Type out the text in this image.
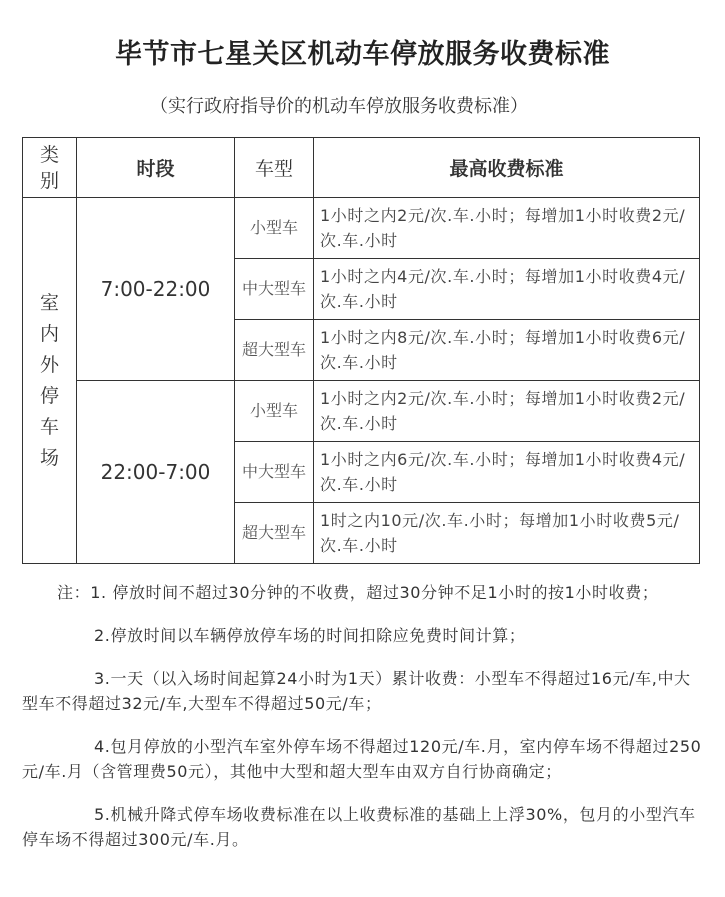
毕节市七星关区机动车停放服务收费标准
（实行政府指导价的机动车停放服务收费标准）
类别	时段	车型	最高收费标准
室内外停车场	7:00-22:00	小型车	1小时之内2元/次.车.小时；每增加1小时收费2元/次.车.小时
		中大型车	1小时之内4元/次.车.小时；每增加1小时收费4元/次.车.小时
		超大型车	1小时之内8元/次.车.小时；每增加1小时收费6元/次.车.小时
	22:00-7:00	小型车	1小时之内2元/次.车.小时；每增加1小时收费2元/次.车.小时
		中大型车	1小时之内6元/次.车.小时；每增加1小时收费4元/次.车.小时
		超大型车	1时之内10元/次.车.小时；每增加1小时收费5元/次.车.小时

注：1. 停放时间不超过30分钟的不收费，超过30分钟不足1小时的按1小时收费；

2.停放时间以车辆停放停车场的时间扣除应免费时间计算；

3.一天（以入场时间起算24小时为1天）累计收费：小型车不得超过16元/车,中大型车不得超过32元/车,大型车不得超过50元/车；

4.包月停放的小型汽车室外停车场不得超过120元/车.月，室内停车场不得超过250元/车.月（含管理费50元），其他中大型和超大型车由双方自行协商确定；

5.机械升降式停车场收费标准在以上收费标准的基础上上浮30%，包月的小型汽车停车场不得超过300元/车.月。
